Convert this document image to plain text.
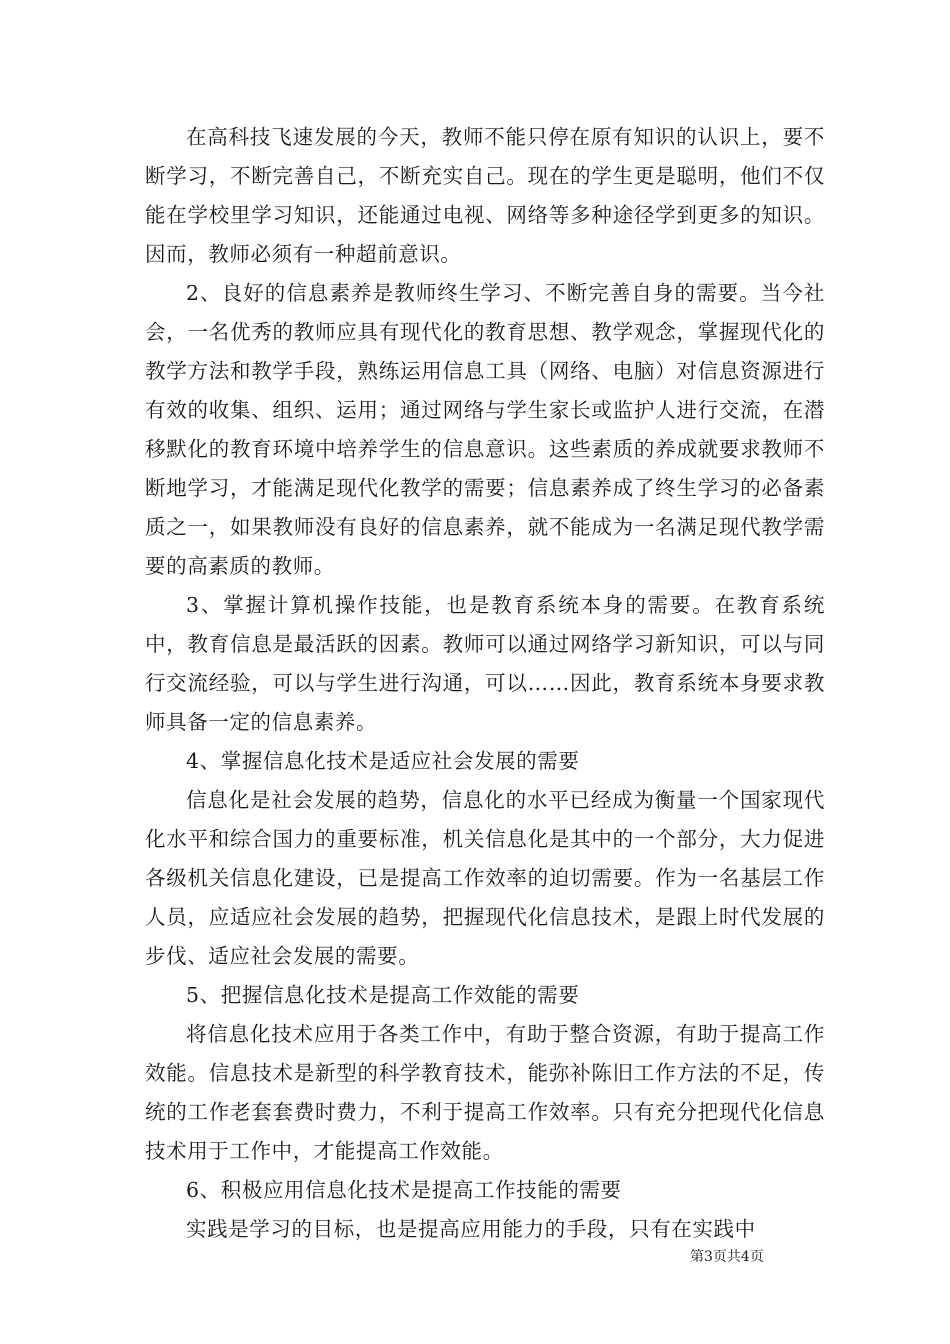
在高科技飞速发展的今天，教师不能只停在原有知识的认识上，要不断学习，不断完善自己，不断充实自己。现在的学生更是聪明，他们不仅能在学校里学习知识，还能通过电视、网络等多种途径学到更多的知识。因而，教师必须有一种超前意识。

2、良好的信息素养是教师终生学习、不断完善自身的需要。当今社会，一名优秀的教师应具有现代化的教育思想、教学观念，掌握现代化的教学方法和教学手段，熟练运用信息工具（网络、电脑）对信息资源进行有效的收集、组织、运用；通过网络与学生家长或监护人进行交流，在潜移默化的教育环境中培养学生的信息意识。这些素质的养成就要求教师不断地学习，才能满足现代化教学的需要；信息素养成了终生学习的必备素质之一，如果教师没有良好的信息素养，就不能成为一名满足现代教学需要的高素质的教师。

3、掌握计算机操作技能，也是教育系统本身的需要。在教育系统中，教育信息是最活跃的因素。教师可以通过网络学习新知识，可以与同行交流经验，可以与学生进行沟通，可以……因此，教育系统本身要求教师具备一定的信息素养。

4、掌握信息化技术是适应社会发展的需要

信息化是社会发展的趋势，信息化的水平已经成为衡量一个国家现代化水平和综合国力的重要标准，机关信息化是其中的一个部分，大力促进各级机关信息化建设，已是提高工作效率的迫切需要。作为一名基层工作人员，应适应社会发展的趋势，把握现代化信息技术，是跟上时代发展的步伐、适应社会发展的需要。

5、把握信息化技术是提高工作效能的需要

将信息化技术应用于各类工作中，有助于整合资源，有助于提高工作效能。信息技术是新型的科学教育技术，能弥补陈旧工作方法的不足，传统的工作老套套费时费力，不利于提高工作效率。只有充分把现代化信息技术用于工作中，才能提高工作效能。

6、积极应用信息化技术是提高工作技能的需要

实践是学习的目标，也是提高应用能力的手段，只有在实践中

第3页共4页
